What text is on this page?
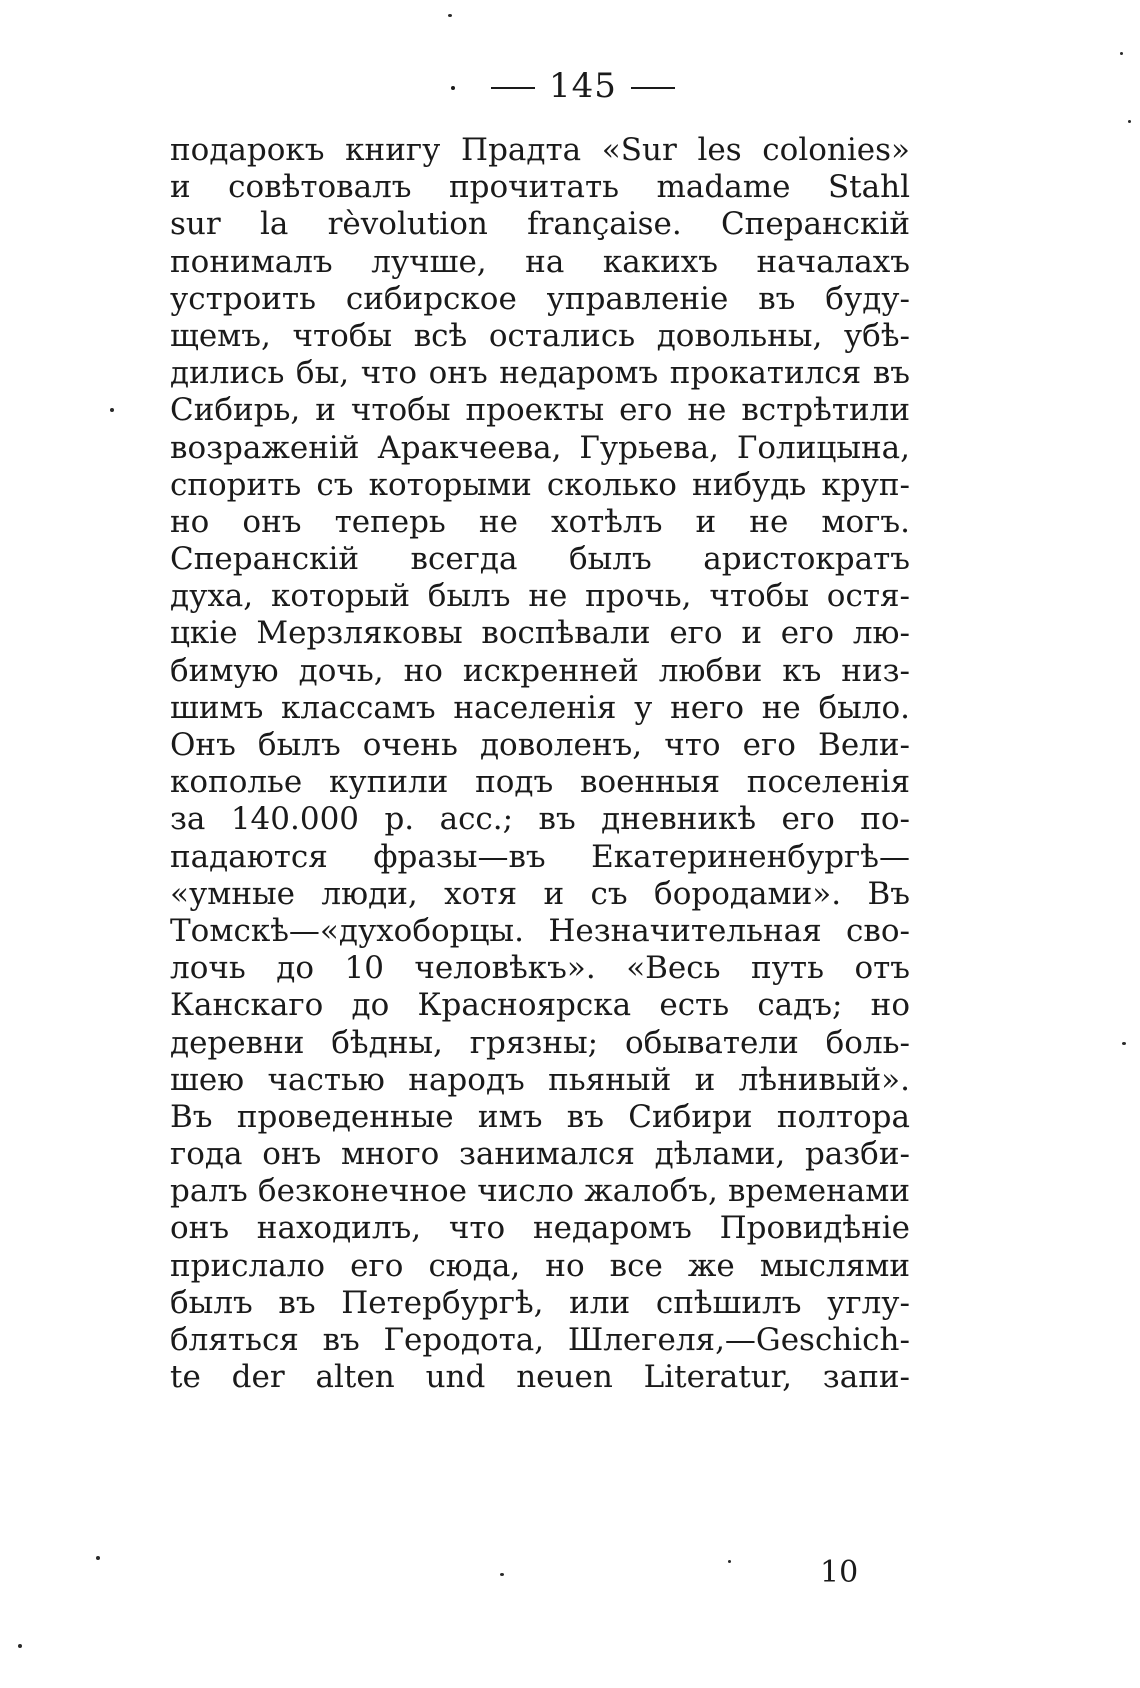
145
подарокъ книгу Прадта «Sur les colonies»
и совѣтовалъ прочитать madame Stahl
sur la rèvolution française. Сперанскій
понималъ лучше, на какихъ началахъ
устроить сибирское управленіе въ буду-
щемъ, чтобы всѣ остались довольны, убѣ-
дились бы, что онъ недаромъ прокатился въ
Сибирь, и чтобы проекты его не встрѣтили
возраженій Аракчеева, Гурьева, Голицына,
спорить съ которыми сколько нибудь круп-
но онъ теперь не хотѣлъ и не могъ.
Сперанскій всегда былъ аристократъ
духа, который былъ не прочь, чтобы остя-
цкіе Мерзляковы воспѣвали его и его лю-
бимую дочь, но искренней любви къ низ-
шимъ классамъ населенія у него не было.
Онъ былъ очень доволенъ, что его Вели-
кополье купили подъ военныя поселенія
за 140.000 р. асс.; въ дневникѣ его по-
падаются фразы—въ Екатериненбургѣ—
«умные люди, хотя и съ бородами». Въ
Томскѣ—«духоборцы. Незначительная сво-
лочь до 10 человѣкъ». «Весь путь отъ
Канскаго до Красноярска есть садъ; но
деревни бѣдны, грязны; обыватели боль-
шею частью народъ пьяный и лѣнивый».
Въ проведенные имъ въ Сибири полтора
года онъ много занимался дѣлами, разби-
ралъ безконечное число жалобъ, временами
онъ находилъ, что недаромъ Провидѣніе
прислало его сюда, но все же мыслями
былъ въ Петербургѣ, или спѣшилъ углу-
бляться въ Геродота, Шлегеля,—Geschich-
te der alten und neuen Literatur, запи-
10
